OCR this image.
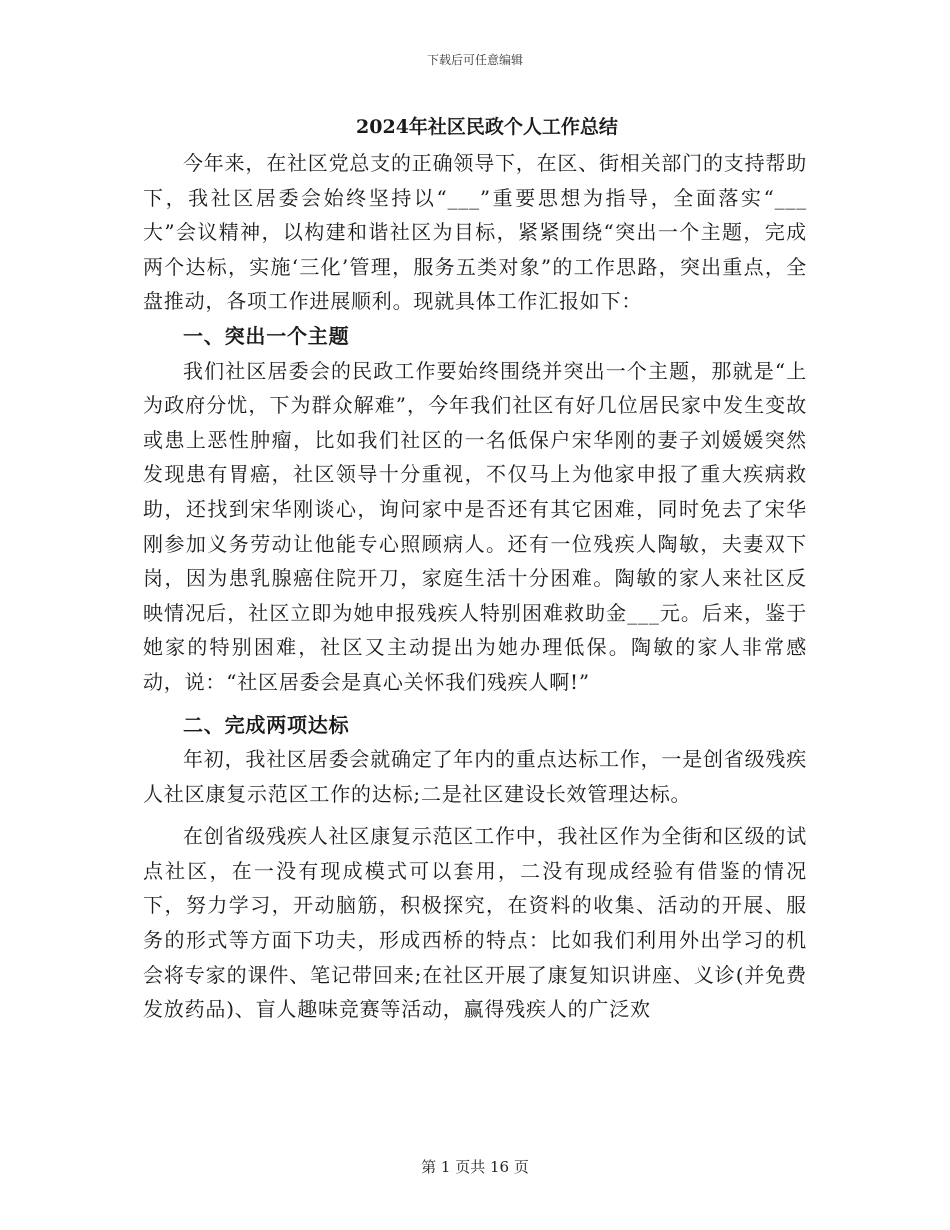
下载后可任意编辑
2024年社区民政个人工作总结

今年来，在社区党总支的正确领导下，在区、街相关部门的支持帮助下，我社区居委会始终坚持以“___”重要思想为指导，全面落实“___大”会议精神，以构建和谐社区为目标，紧紧围绕“突出一个主题，完成两个达标，实施‘三化’管理，服务五类对象”的工作思路，突出重点，全盘推动，各项工作进展顺利。现就具体工作汇报如下：

一、突出一个主题

我们社区居委会的民政工作要始终围绕并突出一个主题，那就是“上为政府分忧，下为群众解难”，今年我们社区有好几位居民家中发生变故或患上恶性肿瘤，比如我们社区的一名低保户宋华刚的妻子刘媛媛突然发现患有胃癌，社区领导十分重视，不仅马上为他家申报了重大疾病救助，还找到宋华刚谈心，询问家中是否还有其它困难，同时免去了宋华刚参加义务劳动让他能专心照顾病人。还有一位残疾人陶敏，夫妻双下岗，因为患乳腺癌住院开刀，家庭生活十分困难。陶敏的家人来社区反映情况后，社区立即为她申报残疾人特别困难救助金___元。后来，鉴于她家的特别困难，社区又主动提出为她办理低保。陶敏的家人非常感动，说：“社区居委会是真心关怀我们残疾人啊!”

二、完成两项达标

年初，我社区居委会就确定了年内的重点达标工作，一是创省级残疾人社区康复示范区工作的达标;二是社区建设长效管理达标。

在创省级残疾人社区康复示范区工作中，我社区作为全街和区级的试点社区，在一没有现成模式可以套用，二没有现成经验有借鉴的情况下，努力学习，开动脑筋，积极探究，在资料的收集、活动的开展、服务的形式等方面下功夫，形成西桥的特点：比如我们利用外出学习的机会将专家的课件、笔记带回来;在社区开展了康复知识讲座、义诊(并免费发放药品)、盲人趣味竞赛等活动，赢得残疾人的广泛欢

第 1 页共 16 页
